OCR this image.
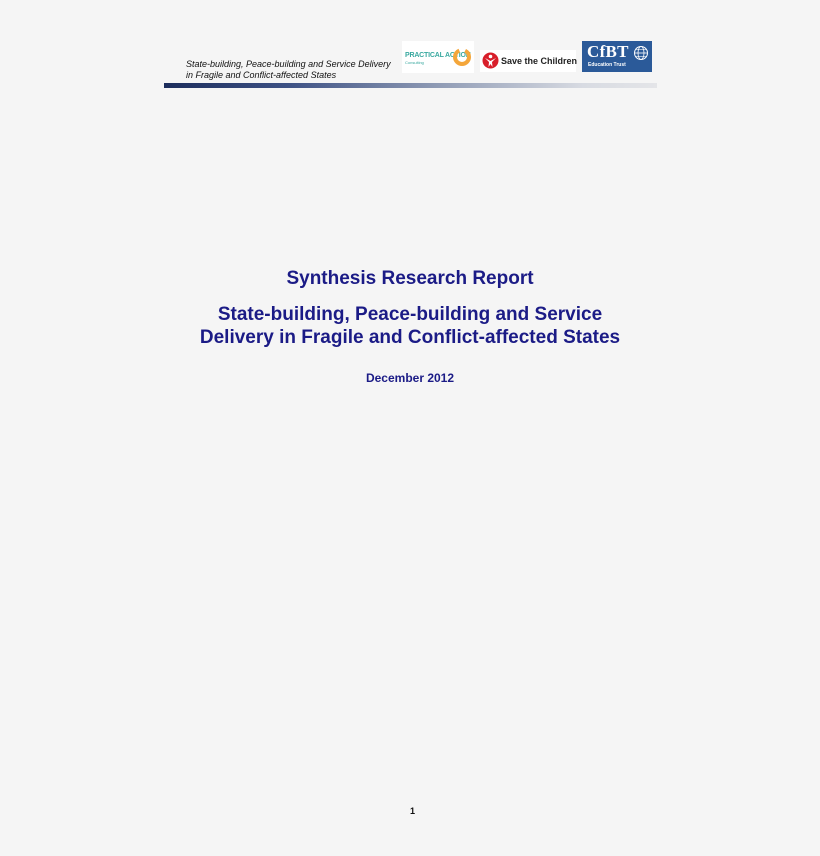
State-building, Peace-building and Service Delivery
in Fragile and Conflict-affected States
PRACTICAL ACTION
Consulting	Save the Children CfBT
Education Trust
Synthesis Research Report
State-building, Peace-building and Service
Delivery in Fragile and Conflict-affected States
December 2012
1
